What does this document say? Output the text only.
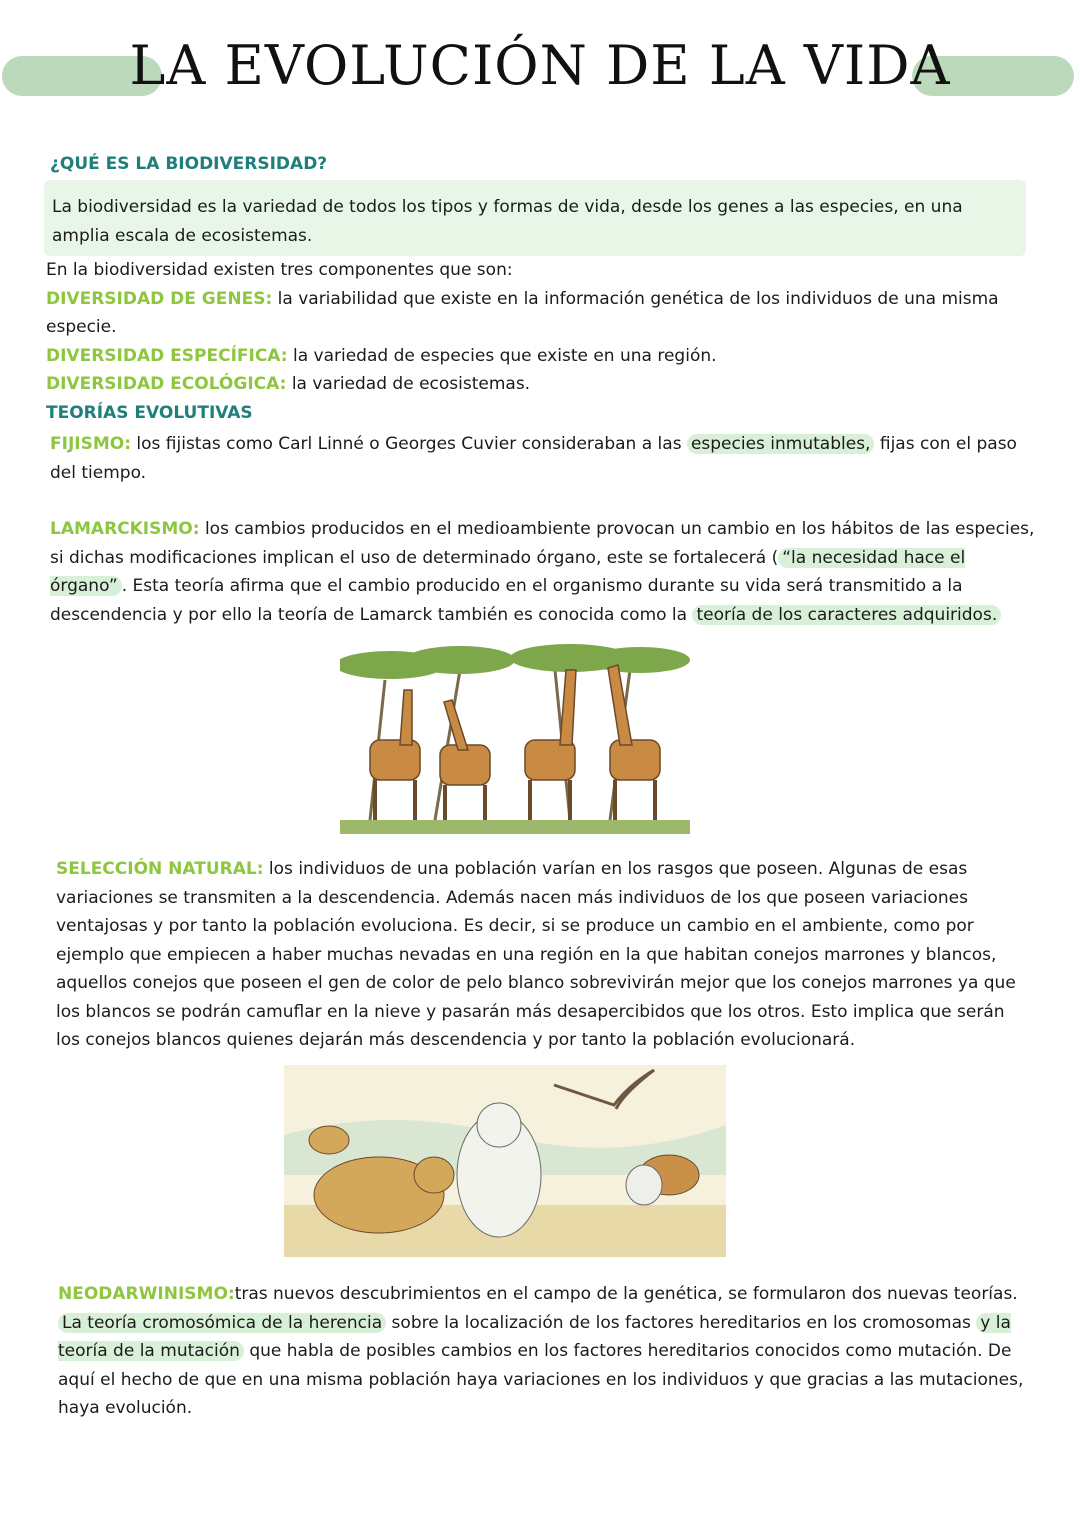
LA EVOLUCIÓN DE LA VIDA
¿QUÉ ES LA BIODIVERSIDAD?
La biodiversidad es la variedad de todos los tipos y formas de vida, desde los genes a las especies, en una amplia escala de ecosistemas.
En la biodiversidad existen tres componentes que son:
DIVERSIDAD DE GENES: la variabilidad que existe en la información genética de los individuos de una misma especie.
DIVERSIDAD ESPECÍFICA: la variedad de especies que existe en una región.
DIVERSIDAD ECOLÓGICA: la variedad de ecosistemas.
TEORÍAS EVOLUTIVAS
FIJISMO: los fijistas como Carl Linné o Georges Cuvier consideraban a las especies inmutables, fijas con el paso del tiempo.
LAMARCKISMO: los cambios producidos en el medioambiente provocan un cambio en los hábitos de las especies, si dichas modificaciones implican el uso de determinado órgano, este se fortalecerá ( “la necesidad hace el órgano” . Esta teoría afirma que el cambio producido en el organismo durante su vida será transmitido a la descendencia y por ello la teoría de Lamarck también es conocida como la teoría de los caracteres adquiridos.
SELECCIÓN NATURAL: los individuos de una población varían en los rasgos que poseen. Algunas de esas variaciones se transmiten a la descendencia. Además nacen más individuos de los que poseen variaciones ventajosas y por tanto la población evoluciona. Es decir, si se produce un cambio en el ambiente, como por ejemplo que empiecen a haber muchas nevadas en una región en la que habitan conejos marrones y blancos, aquellos conejos que poseen el gen de color de pelo blanco sobrevivirán mejor que los conejos marrones ya que los blancos se podrán camuflar en la nieve y pasarán más desapercibidos que los otros. Esto implica que serán los conejos blancos quienes dejarán más descendencia y por tanto la población evolucionará.
NEODARWINISMO:tras nuevos descubrimientos en el campo de la genética, se formularon dos nuevas teorías. La teoría cromosómica de la herencia sobre la localización de los factores hereditarios en los cromosomas y la teoría de la mutación que habla de posibles cambios en los factores hereditarios conocidos como mutación. De aquí el hecho de que en una misma población haya variaciones en los individuos y que gracias a las mutaciones, haya evolución.
